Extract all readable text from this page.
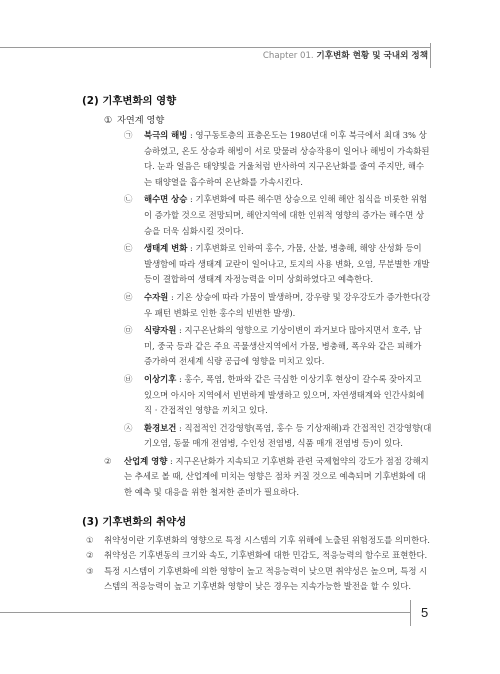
Chapter 01. 기후변화 현황 및 국내외 정책

(2) 기후변화의 영향

① 자연계 영향
㉠ 북극의 해빙 : 영구동토층의 표층온도는 1980년대 이후 북극에서 최대 3% 상승하였고, 온도 상승과 해빙이 서로 맞물려 상승작용이 일어나 해빙이 가속화된다. 눈과 얼음은 태양빛을 거울처럼 반사하여 지구온난화를 줄여 주지만, 해수는 태양열을 흡수하여 온난화를 가속시킨다.
㉡ 해수면 상승 : 기후변화에 따른 해수면 상승으로 인해 해안 침식을 비롯한 위험이 증가할 것으로 전망되며, 해안지역에 대한 인위적 영향의 증가는 해수면 상승을 더욱 심화시킬 것이다.
㉢ 생태계 변화 : 기후변화로 인하여 홍수, 가뭄, 산불, 병충해, 해양 산성화 등이 발생함에 따라 생태계 교란이 일어나고, 토지의 사용 변화, 오염, 무분별한 개발 등이 결합하여 생태계 자정능력을 이미 상회하였다고 예측한다.
㉣ 수자원 : 기온 상승에 따라 가뭄이 발생하며, 강우량 및 강우강도가 증가한다(강우 패턴 변화로 인한 홍수의 빈번한 발생).
㉤ 식량자원 : 지구온난화의 영향으로 기상이변이 과거보다 많아지면서 호주, 남미, 중국 등과 같은 주요 곡물생산지역에서 가뭄, 병충해, 폭우와 같은 피해가 증가하여 전세계 식량 공급에 영향을 미치고 있다.
㉥ 이상기후 : 홍수, 폭염, 한파와 같은 극심한 이상기후 현상이 갈수록 잦아지고 있으며 아시아 지역에서 빈번하게 발생하고 있으며, 자연생태계와 인간사회에 직 · 간접적인 영향을 끼치고 있다.
㉦ 환경보건 : 직접적인 건강영향(폭염, 홍수 등 기상재해)과 간접적인 건강영향(대기오염, 동물 매개 전염병, 수인성 전염병, 식품 매개 전염병 등)이 있다.
② 산업계 영향 : 지구온난화가 지속되고 기후변화 관련 국제협약의 강도가 점점 강해지는 추세로 볼 때, 산업계에 미치는 영향은 점차 커질 것으로 예측되며 기후변화에 대한 예측 및 대응을 위한 철저한 준비가 필요하다.

(3) 기후변화의 취약성

① 취약성이란 기후변화의 영향으로 특정 시스템의 기후 위해에 노출된 위험정도를 의미한다.
② 취약성은 기후변동의 크기와 속도, 기후변화에 대한 민감도, 적응능력의 함수로 표현한다.
③ 특정 시스템이 기후변화에 의한 영향이 높고 적응능력이 낮으면 취약성은 높으며, 특정 시스템의 적응능력이 높고 기후변화 영향이 낮은 경우는 지속가능한 발전을 할 수 있다.
5
